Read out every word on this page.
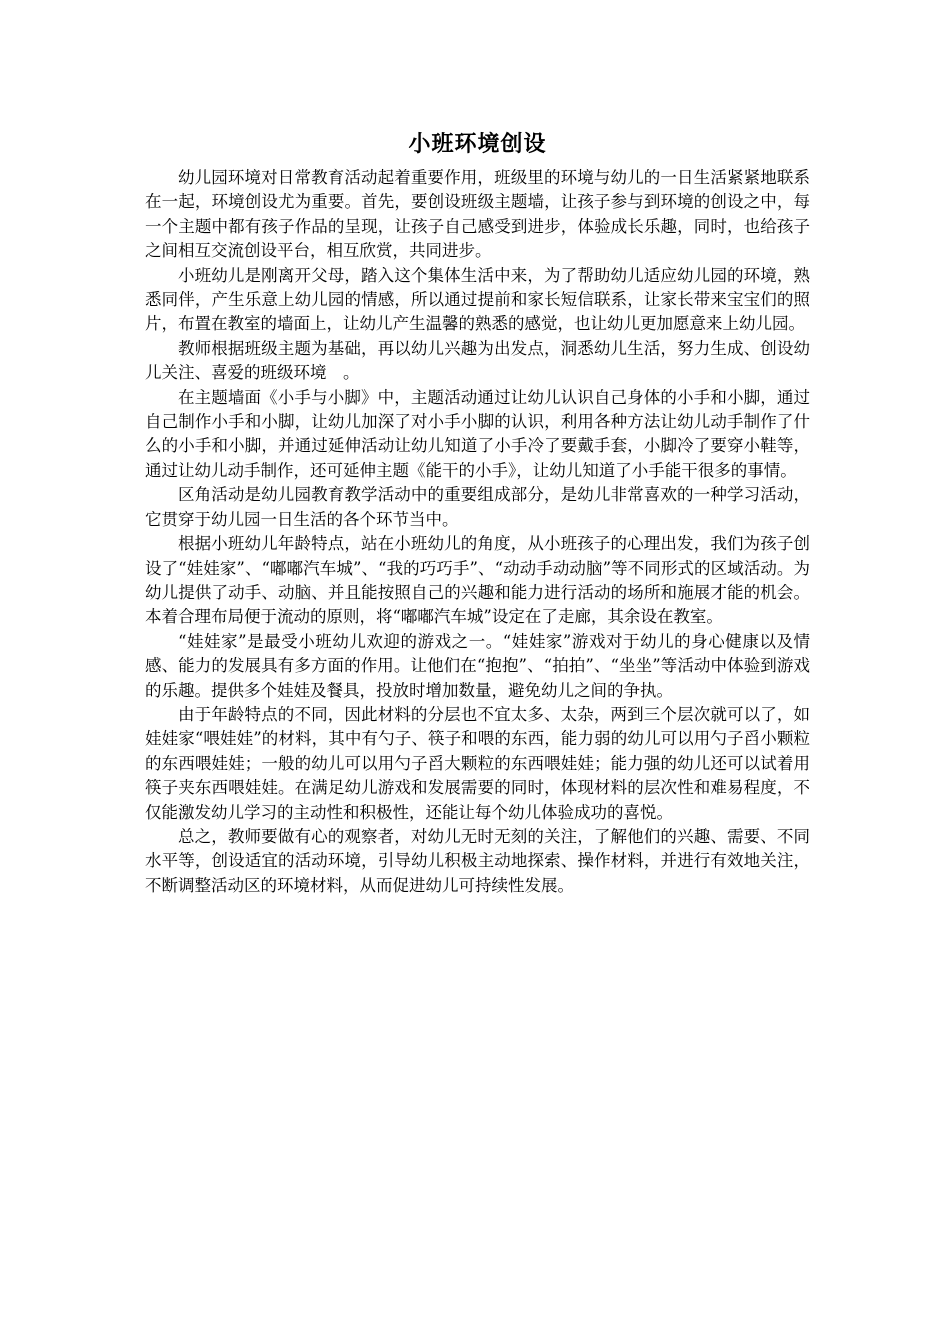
小班环境创设

幼儿园环境对日常教育活动起着重要作用，班级里的环境与幼儿的一日生活紧紧地联系在一起，环境创设尤为重要。首先，要创设班级主题墙，让孩子参与到环境的创设之中，每一个主题中都有孩子作品的呈现，让孩子自己感受到进步，体验成长乐趣，同时，也给孩子之间相互交流创设平台，相互欣赏，共同进步。

小班幼儿是刚离开父母，踏入这个集体生活中来，为了帮助幼儿适应幼儿园的环境，熟悉同伴，产生乐意上幼儿园的情感，所以通过提前和家长短信联系，让家长带来宝宝们的照片，布置在教室的墙面上，让幼儿产生温馨的熟悉的感觉，也让幼儿更加愿意来上幼儿园。

教师根据班级主题为基础，再以幼儿兴趣为出发点，洞悉幼儿生活，努力生成、创设幼儿关注、喜爱的班级环境　。

在主题墙面《小手与小脚》中，主题活动通过让幼儿认识自己身体的小手和小脚，通过自己制作小手和小脚，让幼儿加深了对小手小脚的认识，利用各种方法让幼儿动手制作了什么的小手和小脚，并通过延伸活动让幼儿知道了小手冷了要戴手套，小脚冷了要穿小鞋等，通过让幼儿动手制作，还可延伸主题《能干的小手》，让幼儿知道了小手能干很多的事情。

区角活动是幼儿园教育教学活动中的重要组成部分，是幼儿非常喜欢的一种学习活动，它贯穿于幼儿园一日生活的各个环节当中。

根据小班幼儿年龄特点，站在小班幼儿的角度，从小班孩子的心理出发，我们为孩子创设了“娃娃家”、“嘟嘟汽车城”、“我的巧巧手”、“动动手动动脑”等不同形式的区域活动。为幼儿提供了动手、动脑、并且能按照自己的兴趣和能力进行活动的场所和施展才能的机会。本着合理布局便于流动的原则，将“嘟嘟汽车城”设定在了走廊，其余设在教室。

“娃娃家”是最受小班幼儿欢迎的游戏之一。“娃娃家”游戏对于幼儿的身心健康以及情感、能力的发展具有多方面的作用。让他们在“抱抱”、“拍拍”、“坐坐”等活动中体验到游戏的乐趣。提供多个娃娃及餐具，投放时增加数量，避免幼儿之间的争执。

由于年龄特点的不同，因此材料的分层也不宜太多、太杂，两到三个层次就可以了，如娃娃家“喂娃娃”的材料，其中有勺子、筷子和喂的东西，能力弱的幼儿可以用勺子舀小颗粒的东西喂娃娃；一般的幼儿可以用勺子舀大颗粒的东西喂娃娃；能力强的幼儿还可以试着用筷子夹东西喂娃娃。在满足幼儿游戏和发展需要的同时，体现材料的层次性和难易程度，不仅能激发幼儿学习的主动性和积极性，还能让每个幼儿体验成功的喜悦。

总之，教师要做有心的观察者，对幼儿无时无刻的关注，了解他们的兴趣、需要、不同水平等，创设适宜的活动环境，引导幼儿积极主动地探索、操作材料，并进行有效地关注，不断调整活动区的环境材料，从而促进幼儿可持续性发展。
